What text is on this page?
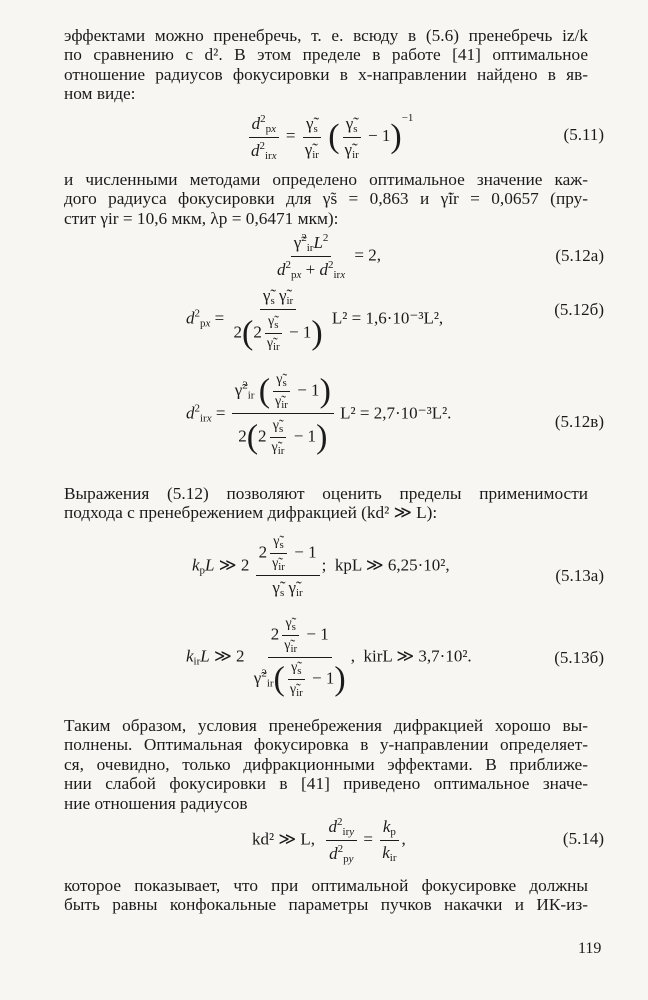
эффектами можно пренебречь, т. е. всюду в (5.6) пренебречь iz/k
по сравнению с d². В этом пределе в работе [41] оптимальное
отношение радиусов фокусировки в x-направлении найдено в яв-
ном виде:
$\frac{d^2_{px}}{d^2_{irx}} = \frac{\gammã_s}{\gammã_{ir}}$ ( $\frac{\gammã_s}{\gammã_{ir}} - 1)^{-1}$
(5.11)
и численными методами определено оптимальное значение каж-
дого радиуса фокусировки для γ̃s = 0,863 и γ̃ir = 0,0657 (пру-
стит γir = 10,6 мкм, λp = 0,6471 мкм):
$\frac{\gammã^2_{ir}L^2}{d^2_{px} + d^2_{irx}} = 2$,	(5.12a)
$d^2_{px} = \frac{\gammã_s \gammã_{ir}}{2(2 \frac{\gammã_s}{\gammã_{ir}} - 1)} L^2 = 1,6\cdot 10^{-3}L^2$,	(5.12б)
$d^2_{irx} = \frac{\gammã^2_{ir} ( \frac{\gammã_s}{\gammã_{ir}} - 1)}{2(2 \frac{\gammã_s}{\gammã_{ir}} - 1)} L^2 = 2,7\cdot 10^{-3}L^2$.	(5.12в)
Выражения (5.12) позволяют оценить пределы применимости
подхода с пренебрежением дифракцией (kd² ≫ L):
$k_pL$ ≫ $2 \frac{2 \frac{\gammã_s}{\gammã_{ir}} - 1}{\gammã_s \gammã_{ir}}$ ;  kpL ≫ 6,25·10²,
(5.13а)
$k_{ir}L$ ≫ $2 \frac{2 \frac{\gammã_s}{\gammã_{ir}} - 1}{\gammã^2_{ir}( \frac{\gammã_s}{\gammã_{ir}} - 1)}$ ,  kirL ≫ 3,7·10².	(5.13б)
Таким образом, условия пренебрежения дифракцией хорошо вы-
полнены. Оптимальная фокусировка в y-направлении определяет-
ся, очевидно, только дифракционными эффектами. В приближе-
нии слабой фокусировки в [41] приведено оптимальное значе-
ние отношения радиусов
kd² ≫ L, $\frac{d^2_{iry}}{d^2_{py}} = \frac{k_p}{k_{ir}}$ ,	(5.14)
которое показывает, что при оптимальной фокусировке должны
быть равны конфокальные параметры пучков накачки и ИК-из-
119
